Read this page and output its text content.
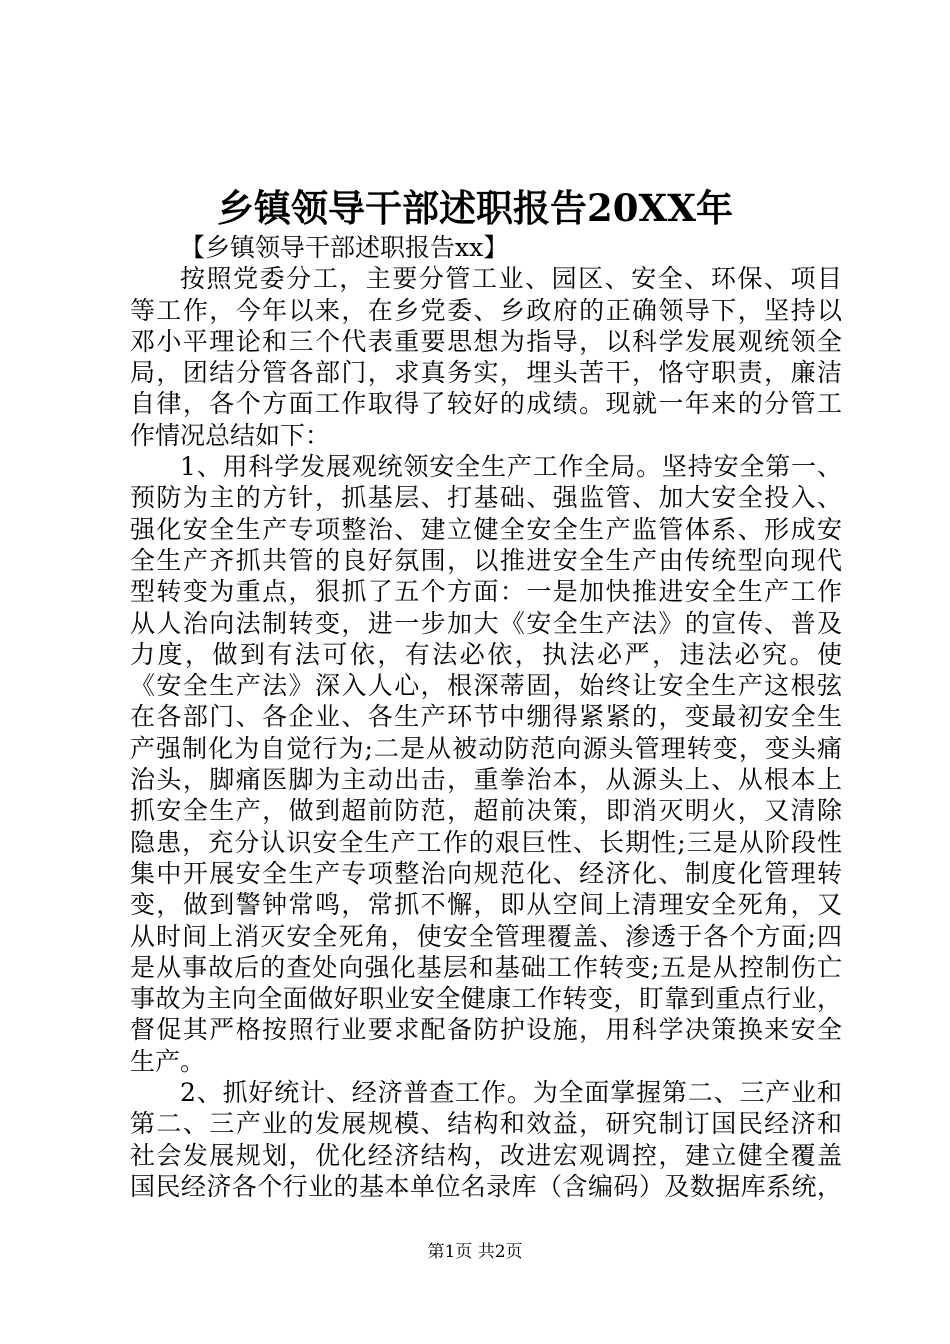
乡镇领导干部述职报告20XX年
【乡镇领导干部述职报告xx】
按照党委分工，主要分管工业、园区、安全、环保、项目
等工作，今年以来，在乡党委、乡政府的正确领导下，坚持以
邓小平理论和三个代表重要思想为指导，以科学发展观统领全
局，团结分管各部门，求真务实，埋头苦干，恪守职责，廉洁
自律，各个方面工作取得了较好的成绩。现就一年来的分管工
作情况总结如下：
1、用科学发展观统领安全生产工作全局。坚持安全第一、
预防为主的方针，抓基层、打基础、强监管、加大安全投入、
强化安全生产专项整治、建立健全安全生产监管体系、形成安
全生产齐抓共管的良好氛围，以推进安全生产由传统型向现代
型转变为重点，狠抓了五个方面：一是加快推进安全生产工作
从人治向法制转变，进一步加大《安全生产法》的宣传、普及
力度，做到有法可依，有法必依，执法必严，违法必究。使
《安全生产法》深入人心，根深蒂固，始终让安全生产这根弦
在各部门、各企业、各生产环节中绷得紧紧的，变最初安全生
产强制化为自觉行为;二是从被动防范向源头管理转变，变头痛
治头，脚痛医脚为主动出击，重拳治本，从源头上、从根本上
抓安全生产，做到超前防范，超前决策，即消灭明火，又清除
隐患，充分认识安全生产工作的艰巨性、长期性;三是从阶段性
集中开展安全生产专项整治向规范化、经济化、制度化管理转
变，做到警钟常鸣，常抓不懈，即从空间上清理安全死角，又
从时间上消灭安全死角，使安全管理覆盖、渗透于各个方面;四
是从事故后的查处向强化基层和基础工作转变;五是从控制伤亡
事故为主向全面做好职业安全健康工作转变，盯靠到重点行业，
督促其严格按照行业要求配备防护设施，用科学决策换来安全
生产。
2、抓好统计、经济普查工作。为全面掌握第二、三产业和
第二、三产业的发展规模、结构和效益，研究制订国民经济和
社会发展规划，优化经济结构，改进宏观调控，建立健全覆盖
国民经济各个行业的基本单位名录库（含编码）及数据库系统，
第1页 共2页
